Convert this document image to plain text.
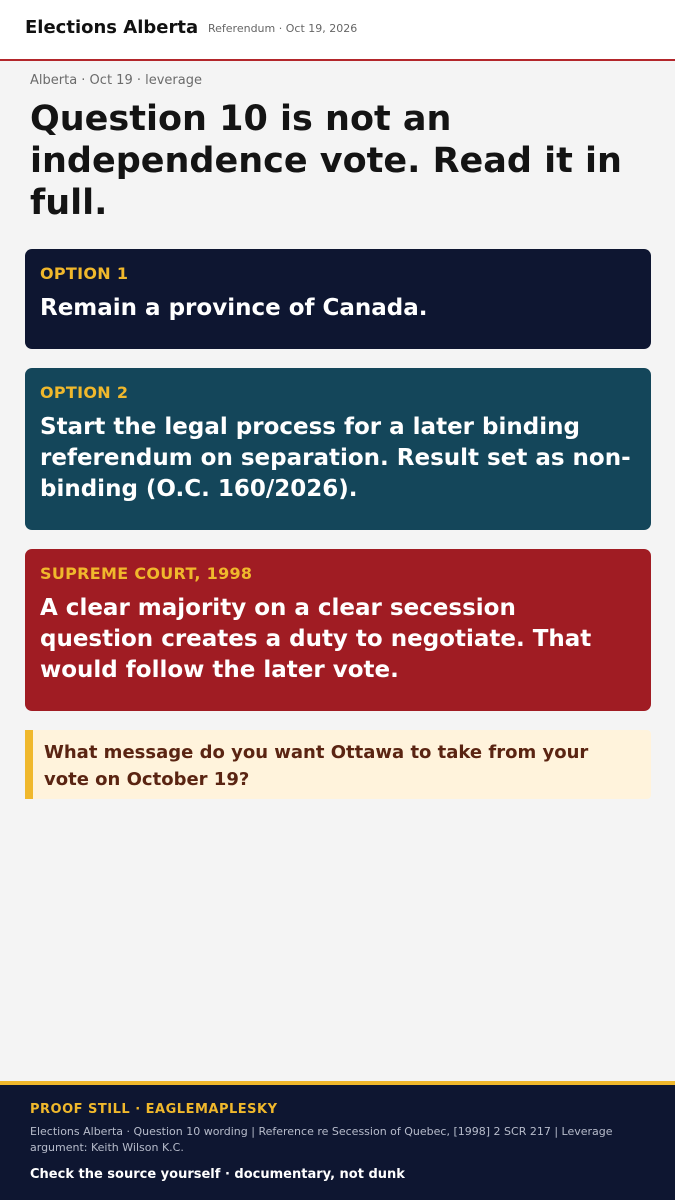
Elections Alberta Referendum · Oct 19, 2026
Alberta · Oct 19 · leverage
Question 10 is not an independence vote. Read it in full.
OPTION 1
Remain a province of Canada.
OPTION 2
Start the legal process for a later binding referendum on separation. Result set as non-binding (O.C. 160/2026).
SUPREME COURT, 1998
A clear majority on a clear secession question creates a duty to negotiate. That would follow the later vote.
What message do you want Ottawa to take from your vote on October 19?
PROOF STILL · EAGLEMAPLESKY
Elections Alberta · Question 10 wording | Reference re Secession of Quebec, [1998] 2 SCR 217 | Leverage argument: Keith Wilson K.C.
Check the source yourself · documentary, not dunk
